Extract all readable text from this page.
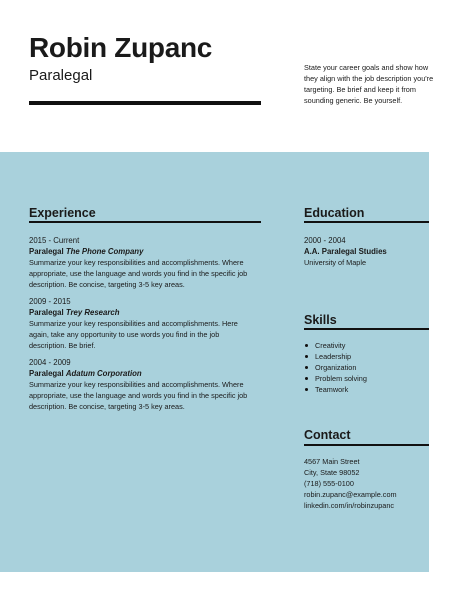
Robin Zupanc

Paralegal	State your career goals and show how they align with the job description you're targeting. Be brief and keep it from sounding generic. Be yourself.

Experience

2015 - Current

Paralegal The Phone Company

Summarize your key responsibilities and accomplishments. Where appropriate, use the language and words you find in the specific job description. Be concise, targeting 3-5 key areas.

2009 - 2015

Paralegal Trey Research

Summarize your key responsibilities and accomplishments. Here again, take any opportunity to use words you find in the job description. Be brief.

2004 - 2009

Paralegal Adatum Corporation

Summarize your key responsibilities and accomplishments. Where appropriate, use the language and words you find in the specific job description. Be concise, targeting 3-5 key areas.

Education

2000 - 2004

A.A. Paralegal Studies

University of Maple

Skills
Creativity
Leadership
Organization
Problem solving
Teamwork
Contact

4567 Main Street

City, State 98052

(718) 555-0100

robin.zupanc@example.com

linkedin.com/in/robinzupanc
